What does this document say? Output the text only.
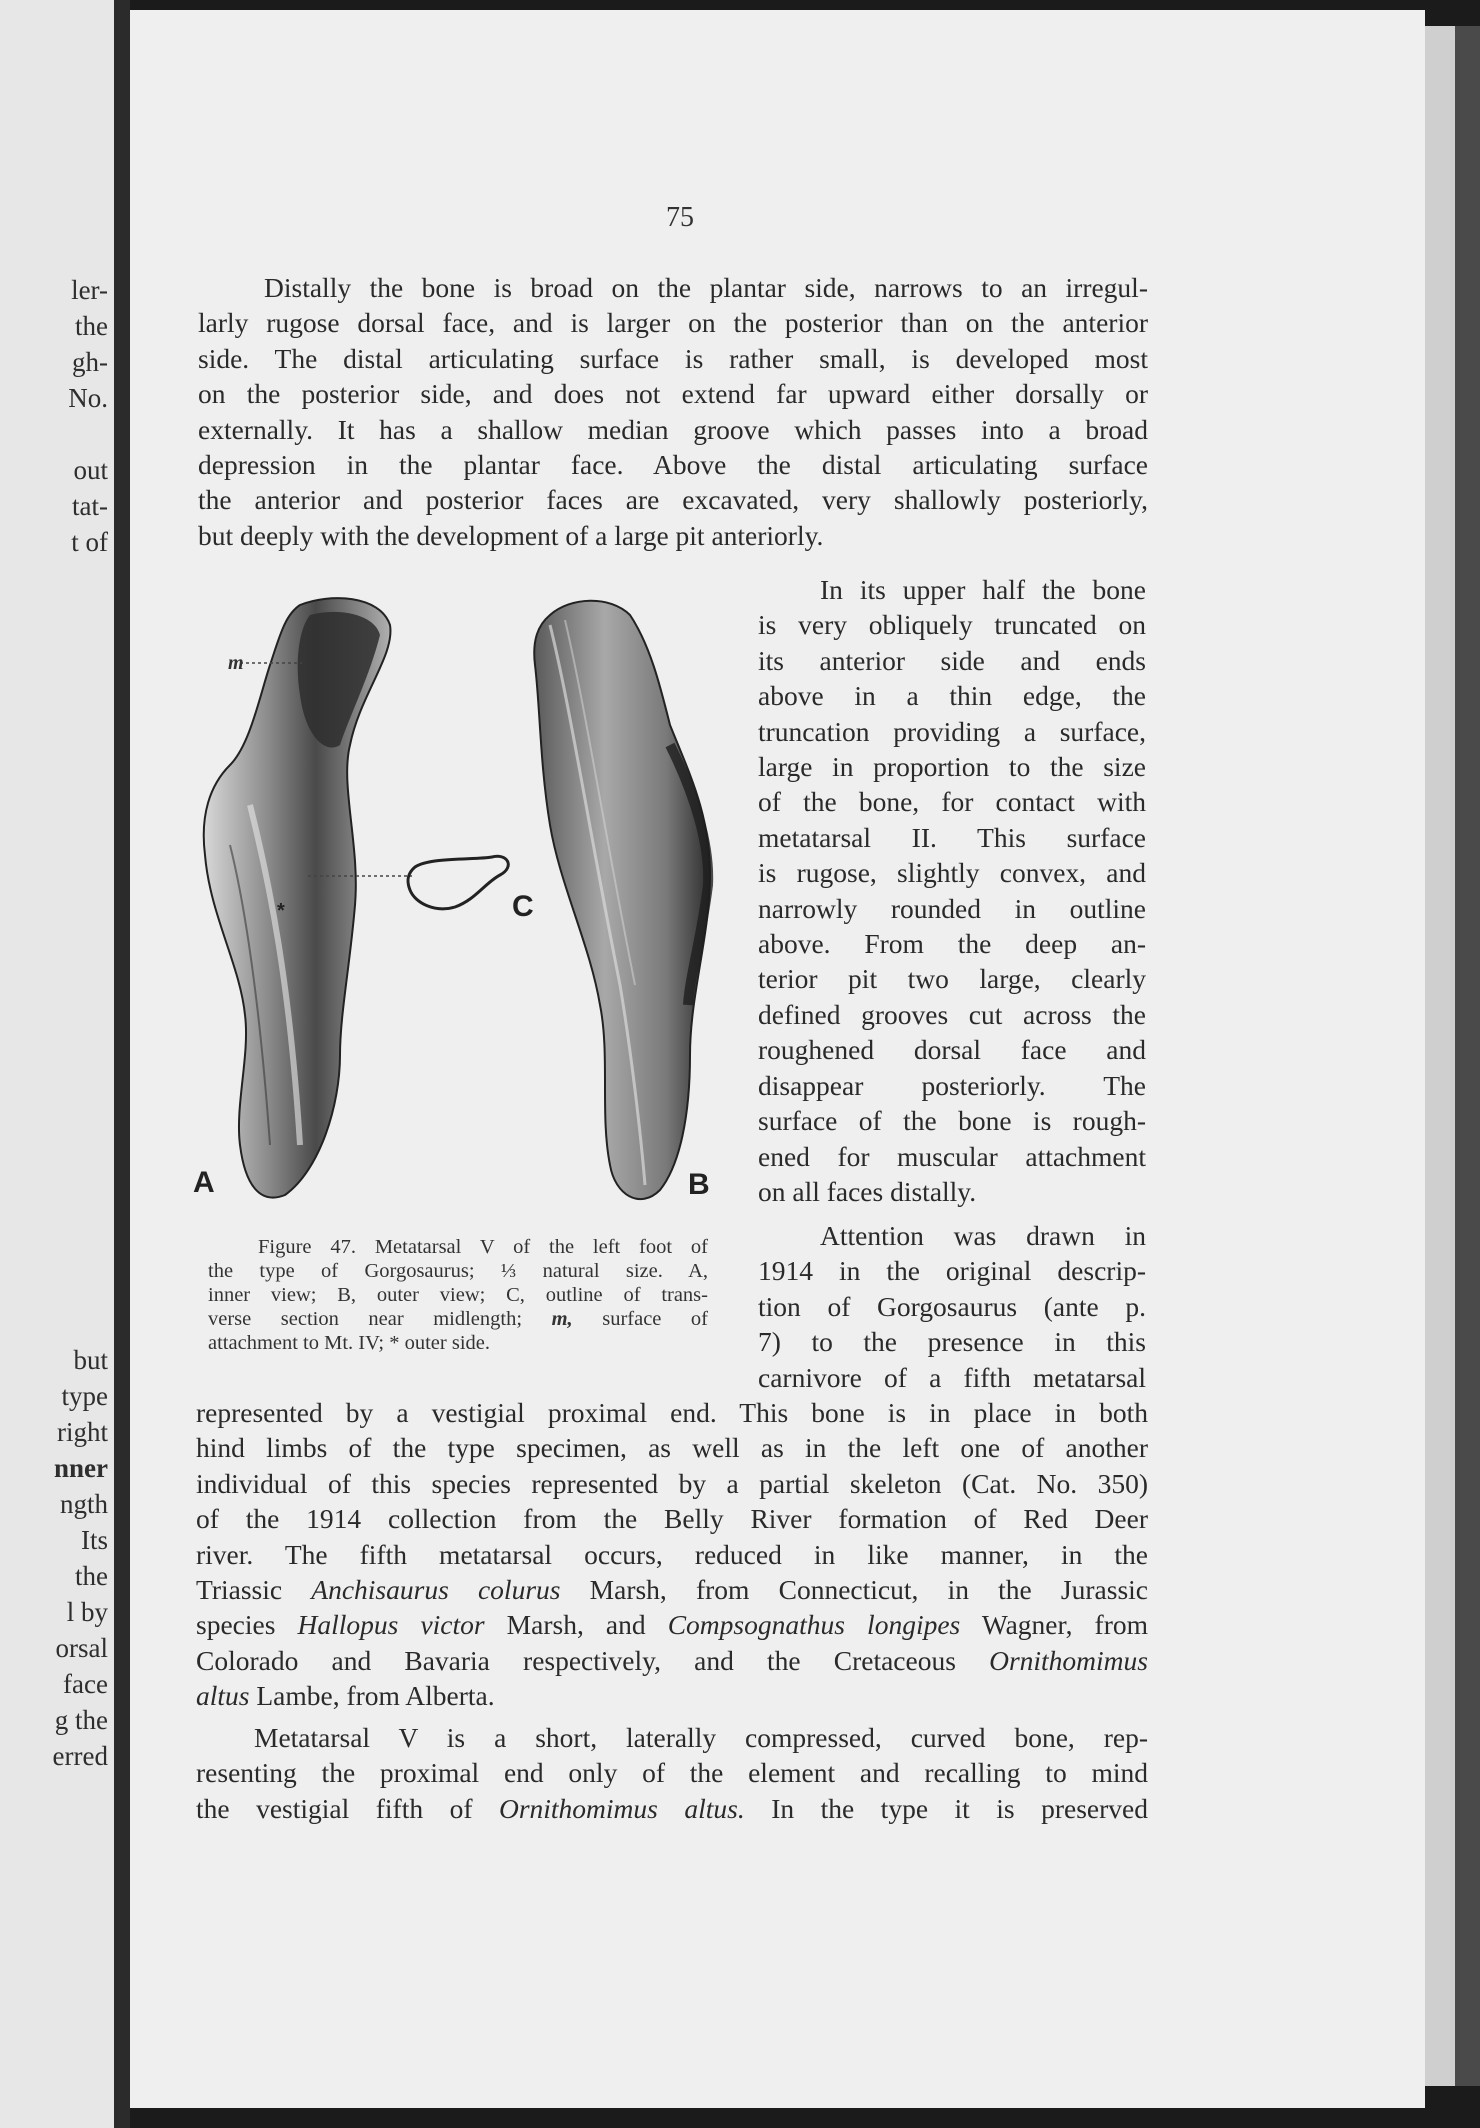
ler-
the
gh-
No.
out
tat-
t of
but
type
right
nner
ngth
Its
the
l by
orsal
face
g the
erred
75
Distally the bone is broad on the plantar side, narrows to an irregul-
larly rugose dorsal face, and is larger on the posterior than on the anterior
side. The distal articulating surface is rather small, is developed most
on the posterior side, and does not extend far upward either dorsally or
externally. It has a shallow median groove which passes into a broad
depression in the plantar face. Above the distal articulating surface
the anterior and posterior faces are excavated, very shallowly posteriorly,
but deeply with the development of a large pit anteriorly.
In its upper half the bone
is very obliquely truncated on
its anterior side and ends
above in a thin edge, the
truncation providing a surface,
large in proportion to the size
of the bone, for contact with
metatarsal II. This surface
is rugose, slightly convex, and
narrowly rounded in outline
above. From the deep an-
terior pit two large, clearly
defined grooves cut across the
roughened dorsal face and
disappear posteriorly. The
surface of the bone is rough-
ened for muscular attachment
on all faces distally.
Attention was drawn in
1914 in the original descrip-
tion of Gorgosaurus (ante p.
7) to the presence in this
carnivore of a fifth metatarsal
represented by a vestigial proximal end. This bone is in place in both
hind limbs of the type specimen, as well as in the left one of another
individual of this species represented by a partial skeleton (Cat. No. 350)
of the 1914 collection from the Belly River formation of Red Deer
river. The fifth metatarsal occurs, reduced in like manner, in the
Triassic Anchisaurus colurus Marsh, from Connecticut, in the Jurassic
species Hallopus victor Marsh, and Compsognathus longipes Wagner, from
Colorado and Bavaria respectively, and the Cretaceous Ornithomimus
altus Lambe, from Alberta.
Metatarsal V is a short, laterally compressed, curved bone, rep-
resenting the proximal end only of the element and recalling to mind
the vestigial fifth of Ornithomimus altus. In the type it is preserved
m
*	C
A	B
Figure 47. Metatarsal V of the left foot of
the type of Gorgosaurus; ⅓ natural size. A,
inner view; B, outer view; C, outline of trans-
verse section near midlength; m, surface of
attachment to Mt. IV; * outer side.
